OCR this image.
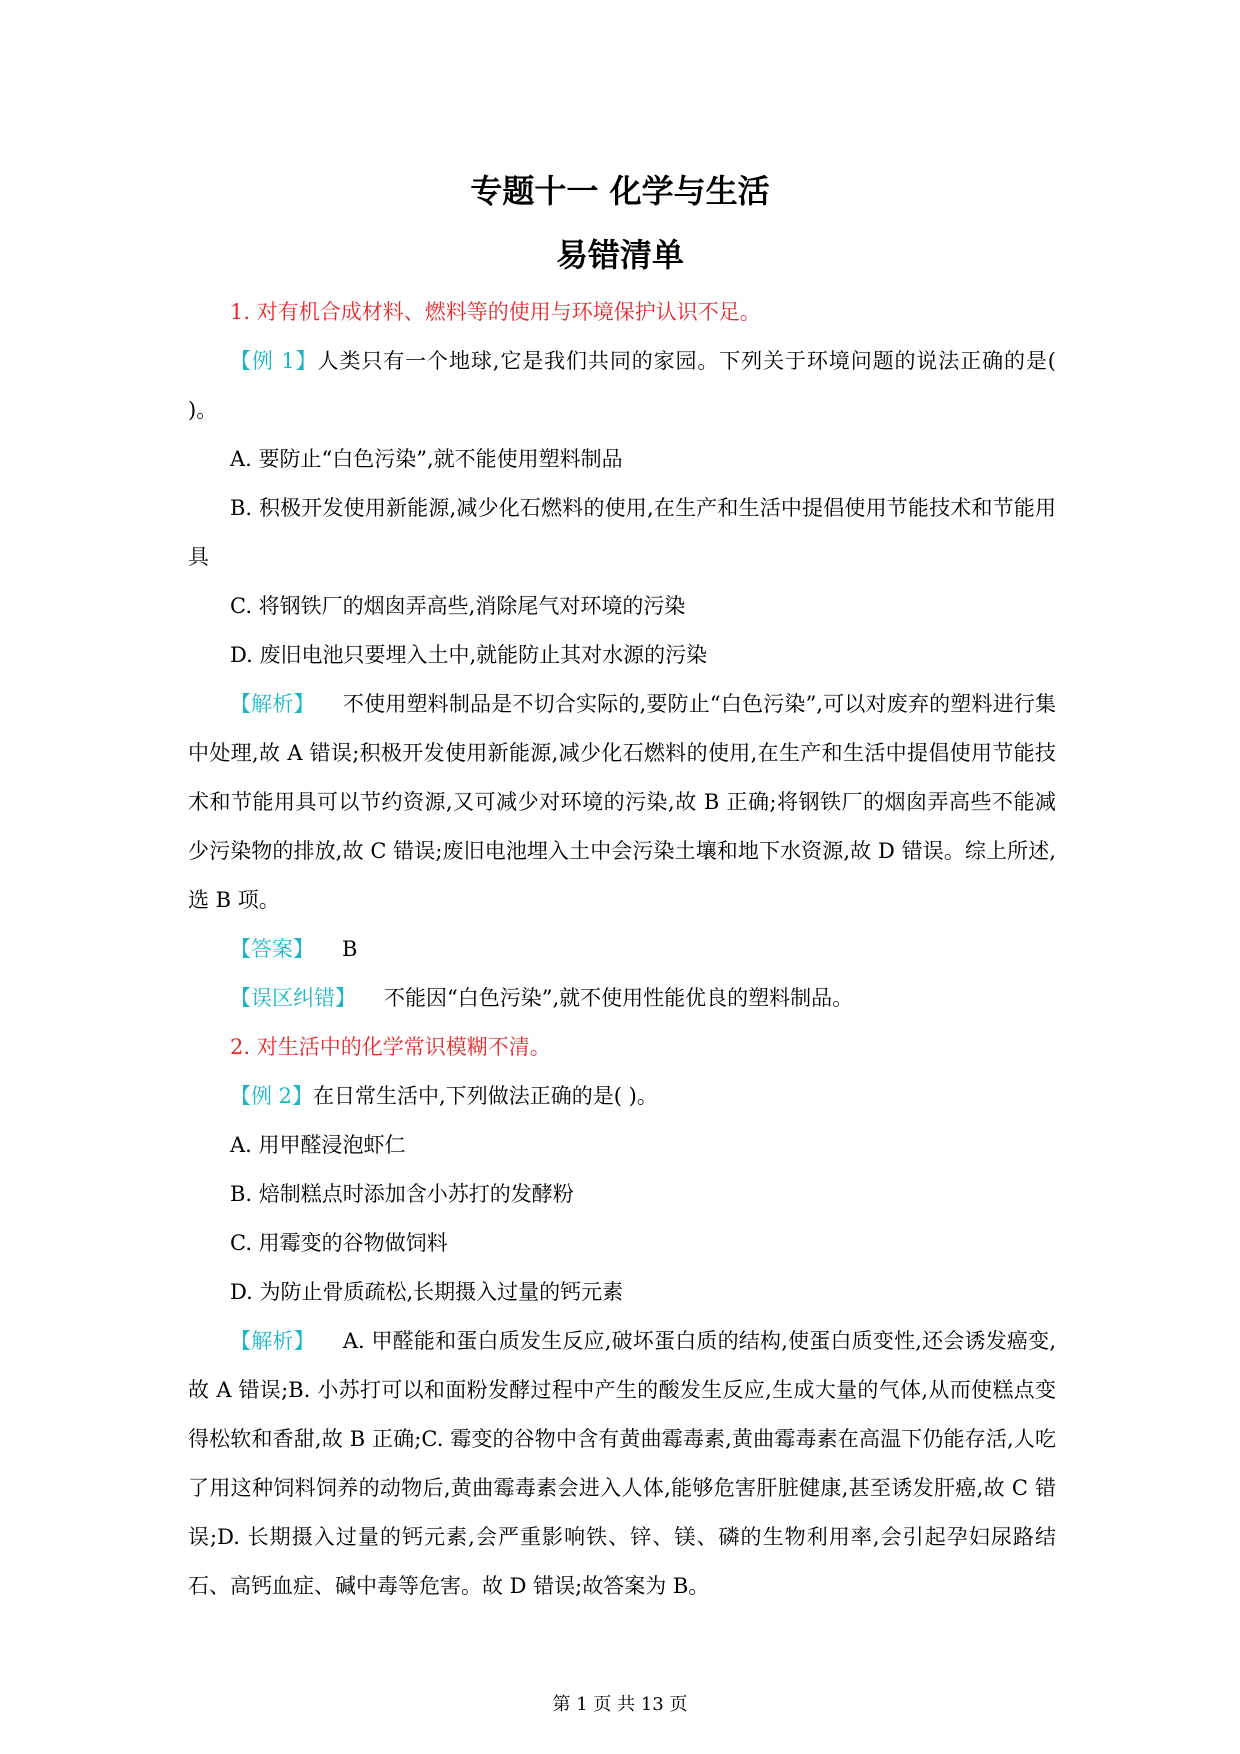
专题十一 化学与生活
易错清单

1. 对有机合成材料、燃料等的使用与环境保护认识不足。

【例 1】人类只有一个地球,它是我们共同的家园。下列关于环境问题的说法正确的是( )。

A. 要防止“白色污染”,就不能使用塑料制品

B. 积极开发使用新能源,减少化石燃料的使用,在生产和生活中提倡使用节能技术和节能用具

C. 将钢铁厂的烟囱弄高些,消除尾气对环境的污染

D. 废旧电池只要埋入土中,就能防止其对水源的污染

【解析】 不使用塑料制品是不切合实际的,要防止“白色污染”,可以对废弃的塑料进行集中处理,故 A 错误;积极开发使用新能源,减少化石燃料的使用,在生产和生活中提倡使用节能技术和节能用具可以节约资源,又可减少对环境的污染,故 B 正确;将钢铁厂的烟囱弄高些不能减少污染物的排放,故 C 错误;废旧电池埋入土中会污染土壤和地下水资源,故 D 错误。综上所述,选 B 项。

【答案】 B

【误区纠错】 不能因“白色污染”,就不使用性能优良的塑料制品。

2. 对生活中的化学常识模糊不清。

【例 2】在日常生活中,下列做法正确的是( )。

A. 用甲醛浸泡虾仁

B. 焙制糕点时添加含小苏打的发酵粉

C. 用霉变的谷物做饲料

D. 为防止骨质疏松,长期摄入过量的钙元素

【解析】 A. 甲醛能和蛋白质发生反应,破坏蛋白质的结构,使蛋白质变性,还会诱发癌变,故 A 错误;B. 小苏打可以和面粉发酵过程中产生的酸发生反应,生成大量的气体,从而使糕点变得松软和香甜,故 B 正确;C. 霉变的谷物中含有黄曲霉毒素,黄曲霉毒素在高温下仍能存活,人吃了用这种饲料饲养的动物后,黄曲霉毒素会进入人体,能够危害肝脏健康,甚至诱发肝癌,故 C 错误;D. 长期摄入过量的钙元素,会严重影响铁、锌、镁、磷的生物利用率,会引起孕妇尿路结石、高钙血症、碱中毒等危害。故 D 错误;故答案为 B。

第 1 页 共 13 页
